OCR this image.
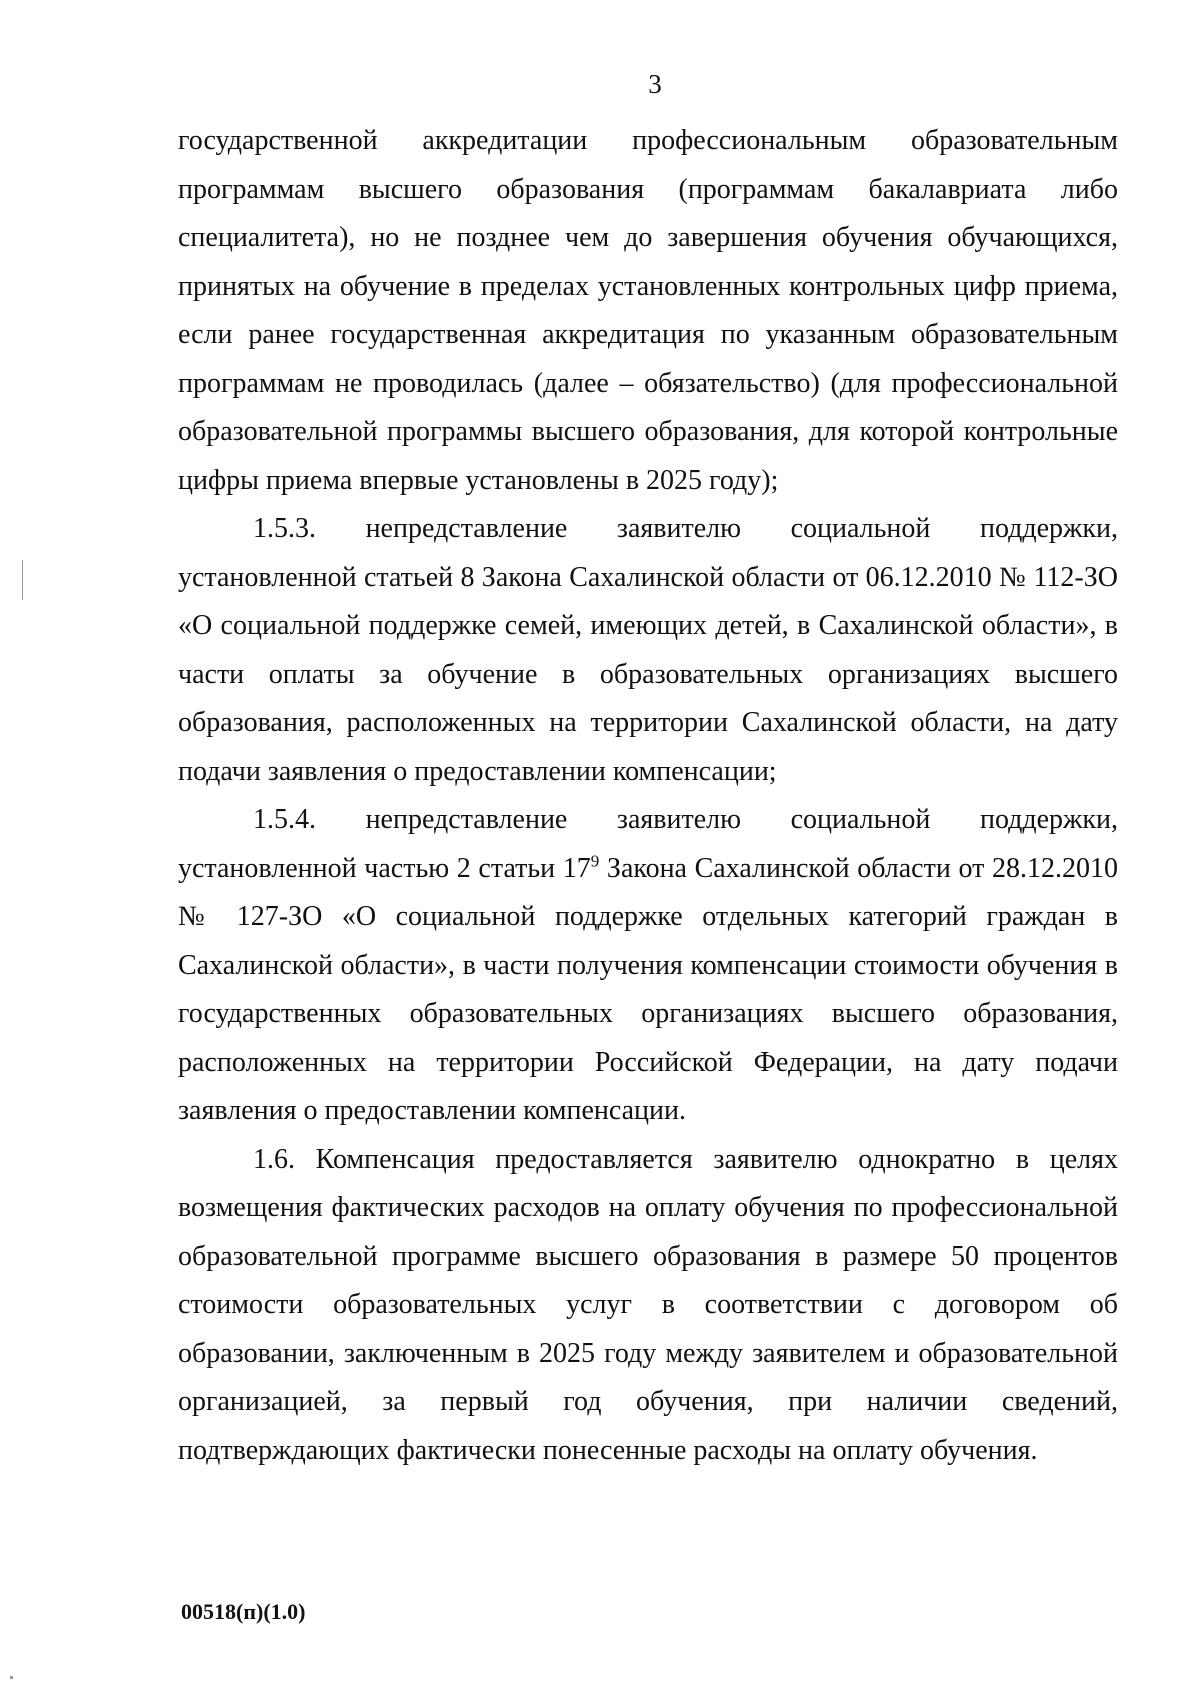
3

государственной аккредитации профессиональным образовательным программам высшего образования (программам бакалавриата либо специалитета), но не позднее чем до завершения обучения обучающихся, принятых на обучение в пределах установленных контрольных цифр приема, если ранее государственная аккредитация по указанным образовательным программам не проводилась (далее – обязательство) (для профессиональной образовательной программы высшего образования, для которой контрольные цифры приема впервые установлены в 2025 году);

1.5.3. непредставление заявителю социальной поддержки, установленной статьей 8 Закона Сахалинской области от 06.12.2010 № 112-ЗО «О социальной поддержке семей, имеющих детей, в Сахалинской области», в части оплаты за обучение в образовательных организациях высшего образования, расположенных на территории Сахалинской области, на дату подачи заявления о предоставлении компенсации;

1.5.4. непредставление заявителю социальной поддержки, установленной частью 2 статьи $17^9$ Закона Сахалинской области от 28.12.2010 № 127-ЗО «О социальной поддержке отдельных категорий граждан в Сахалинской области», в части получения компенсации стоимости обучения в государственных образовательных организациях высшего образования, расположенных на территории Российской Федерации, на дату подачи заявления о предоставлении компенсации.

1.6. Компенсация предоставляется заявителю однократно в целях возмещения фактических расходов на оплату обучения по профессиональной образовательной программе высшего образования в размере 50 процентов стоимости образовательных услуг в соответствии с договором об образовании, заключенным в 2025 году между заявителем и образовательной организацией, за первый год обучения, при наличии сведений, подтверждающих фактически понесенные расходы на оплату обучения.

00518(п)(1.0)
